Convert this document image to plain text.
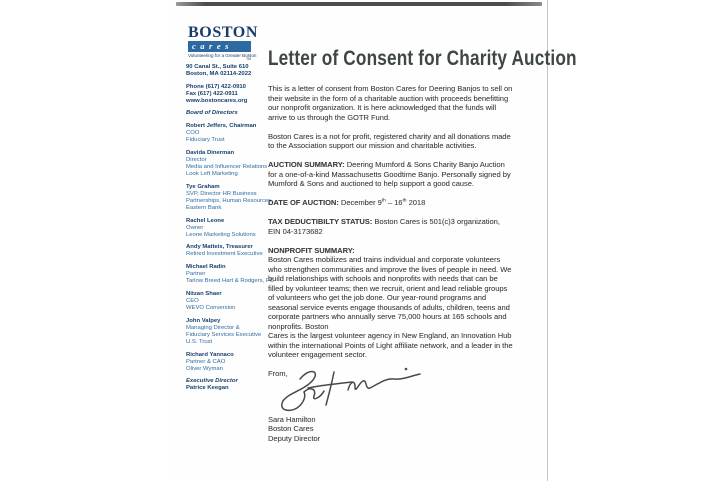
BOSTON
cares
Volunteering for a Greater Boston
TM
90 Canal St., Suite 610
Boston, MA 02114-2022
Phone (617) 422-0910
Fax (617) 422-0911
www.bostoncares.org
Board of Directors
Robert Jeffers, Chairman
COO
Fiduciary Trust
Davida Dinerman
Director
Media and Influencer Relations
Look Left Marketing
Tye Graham
SVP, Director HR Business
Partnerships, Human Resources
Eastern Bank
Rachel Leone
Owner
Leone Marketing Solutions
Andy Matteis, Treasurer
Retired Investment Executive
Michael Radin
Partner
Tarlow Breed Hart & Rodgers, PC
Nitzan Shaer
CEO
WEVO Conversion
John Valpey
Managing Director &
Fiduciary Services Executive
U.S. Trust
Richard Yannaco
Partner & CAO
Oliver Wyman
Executive Director
Patrice Keegan
Letter of Consent for Charity Auction

This is a letter of consent from Boston Cares for Deering Banjos to sell on their website in the form of a charitable auction with proceeds benefitting our nonprofit organization. It is here acknowledged that the funds will arrive to us through the GOTR Fund.

Boston Cares is a not for profit, registered charity and all donations made to the Association support our mission and charitable activities.

AUCTION SUMMARY: Deering Mumford & Sons Charity Banjo Auction for a one-of-a-kind Massachusetts Goodtime Banjo. Personally signed by Mumford & Sons and auctioned to help support a good cause.

DATE OF AUCTION: December 9th – 16th 2018

TAX DEDUCTIBILTY STATUS: Boston Cares is 501(c)3 organization, EIN 04-3173682

NONPROFIT SUMMARY:

Boston Cares mobilizes and trains individual and corporate volunteers who strengthen communities and improve the lives of people in need. We build relationships with schools and nonprofits with needs that can be filled by volunteer teams; then we recruit, orient and lead reliable groups of volunteers who get the job done. Our year-round programs and seasonal service events engage thousands of adults, children, teens and corporate partners who annually serve 75,000 hours at 165 schools and nonprofits. Boston

Cares is the largest volunteer agency in New England, an Innovation Hub within the international Points of Light affiliate network, and a leader in the volunteer engagement sector.

From,
Sara Hamilton
Boston Cares
Deputy Director
